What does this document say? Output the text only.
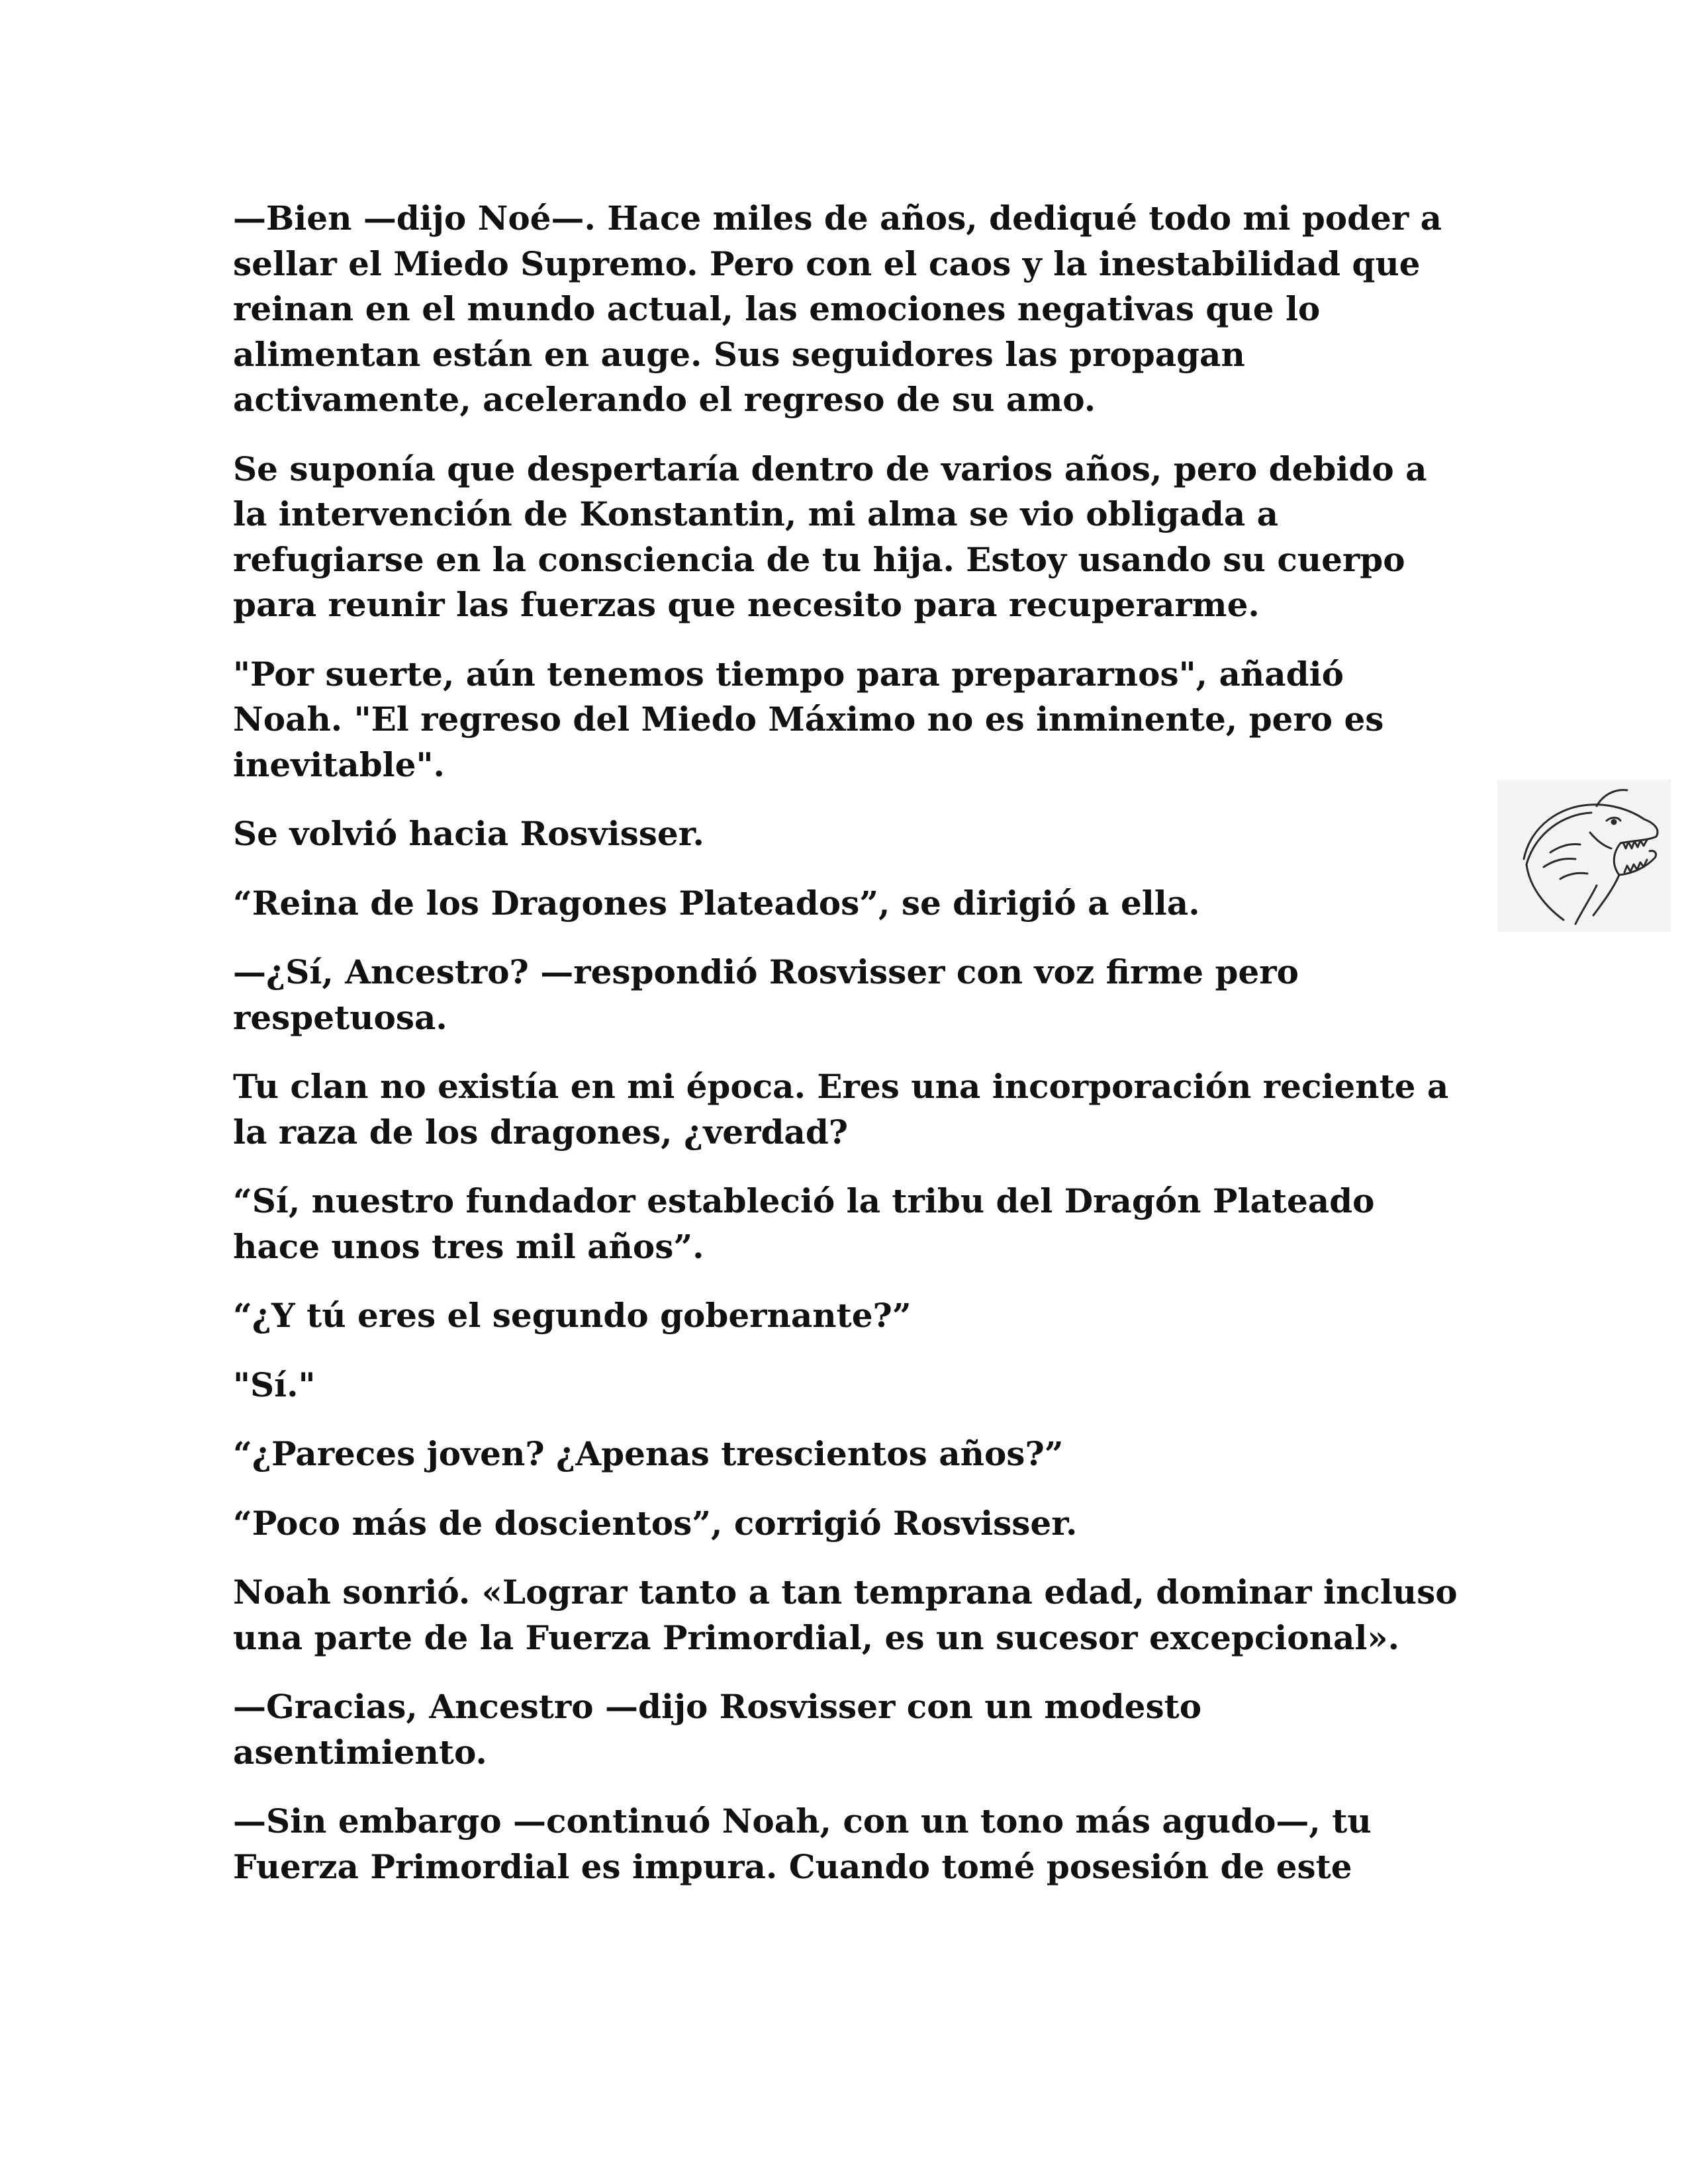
—Bien —dijo Noé—. Hace miles de años, dediqué todo mi poder a sellar el Miedo Supremo. Pero con el caos y la inestabilidad que reinan en el mundo actual, las emociones negativas que lo alimentan están en auge. Sus seguidores las propagan activamente, acelerando el regreso de su amo.

Se suponía que despertaría dentro de varios años, pero debido a la intervención de Konstantin, mi alma se vio obligada a refugiarse en la consciencia de tu hija. Estoy usando su cuerpo para reunir las fuerzas que necesito para recuperarme.

"Por suerte, aún tenemos tiempo para prepararnos", añadió Noah. "El regreso del Miedo Máximo no es inminente, pero es inevitable".

Se volvió hacia Rosvisser.

“Reina de los Dragones Plateados”, se dirigió a ella.

—¿Sí, Ancestro? —respondió Rosvisser con voz firme pero respetuosa.

Tu clan no existía en mi época. Eres una incorporación reciente a la raza de los dragones, ¿verdad?

“Sí, nuestro fundador estableció la tribu del Dragón Plateado hace unos tres mil años”.

“¿Y tú eres el segundo gobernante?”

"Sí."

“¿Pareces joven? ¿Apenas trescientos años?”

“Poco más de doscientos”, corrigió Rosvisser.

Noah sonrió. «Lograr tanto a tan temprana edad, dominar incluso una parte de la Fuerza Primordial, es un sucesor excepcional».

—Gracias, Ancestro —dijo Rosvisser con un modesto asentimiento.

—Sin embargo —continuó Noah, con un tono más agudo—, tu Fuerza Primordial es impura. Cuando tomé posesión de este
